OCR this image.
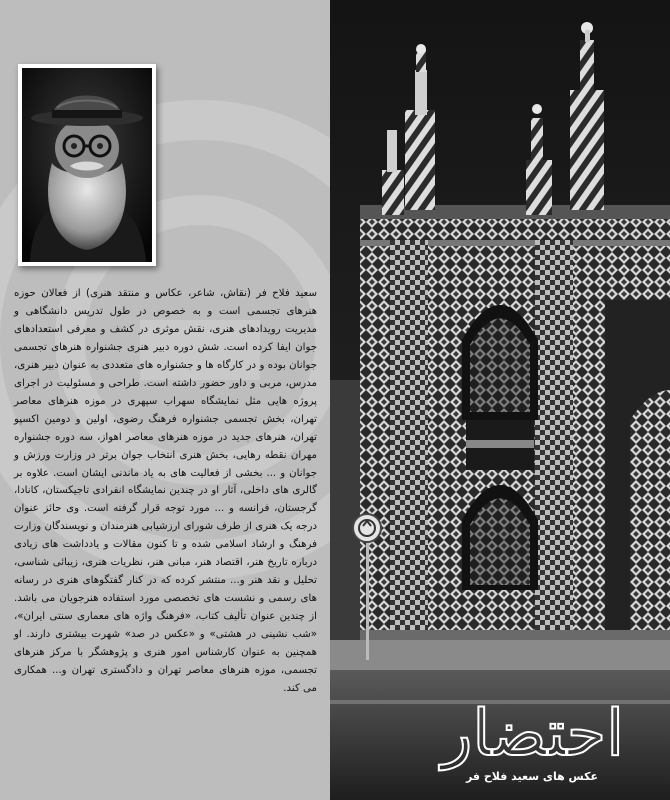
سعید فلاح فر (نقاش، شاعر، عکاس و منتقد هنری) از فعالان حوزه هنرهای تجسمی است و به خصوص در طول تدریس دانشگاهی و مدیریت رویدادهای هنری، نقش موثری در کشف و معرفی استعدادهای جوان ایفا کرده است. شش دوره دبیر هنری جشنواره هنرهای تجسمی جوانان بوده و در کارگاه ها و جشنواره های متعددی به عنوان دبیر هنری، مدرس، مربی و داور حضور داشته است. طراحی و مسئولیت در اجرای پروژه هایی مثل نمایشگاه سهراب سپهری در موزه هنرهای معاصر تهران، بخش تجسمی جشنواره فرهنگ رضوی، اولین و دومین اکسپو تهران، هنرهای جدید در موزه هنرهای معاصر اهواز، سه دوره جشنواره مهران نقطه رهایی، بخش هنری انتخاب جوان برتر در وزارت ورزش و جوانان و ... بخشی از فعالیت های به یاد ماندنی ایشان است. علاوه بر گالری های داخلی، آثار او در چندین نمایشگاه انفرادی تاجیکستان، کانادا، گرجستان، فرانسه و ... مورد توجه قرار گرفته است. وی حائز عنوان درجه یک هنری از طرف شورای ارزشیابی هنرمندان و نویسندگان وزارت فرهنگ و ارشاد اسلامی شده و تا کنون مقالات و یادداشت های زیادی درباره تاریخ هنر، اقتصاد هنر، مبانی هنر، نظریات هنری، زیبائی شناسی، تحلیل و نقد هنر و... منتشر کرده که در کنار گفتگوهای هنری در رسانه های رسمی و نشست های تخصصی مورد استفاده هنرجویان می باشد. از چندین عنوان تألیف کتاب، «فرهنگ واژه های معماری سنتی ایران»، «شب نشینی در هشتی» و «عکس در صد» شهرت بیشتری دارند. او همچنین به عنوان کارشناس امور هنری و پژوهشگر با مرکز هنرهای تجسمی، موزه هنرهای معاصر تهران و دادگستری تهران و... همکاری می کند.

احتضار
عکس های سعید فلاح فر
